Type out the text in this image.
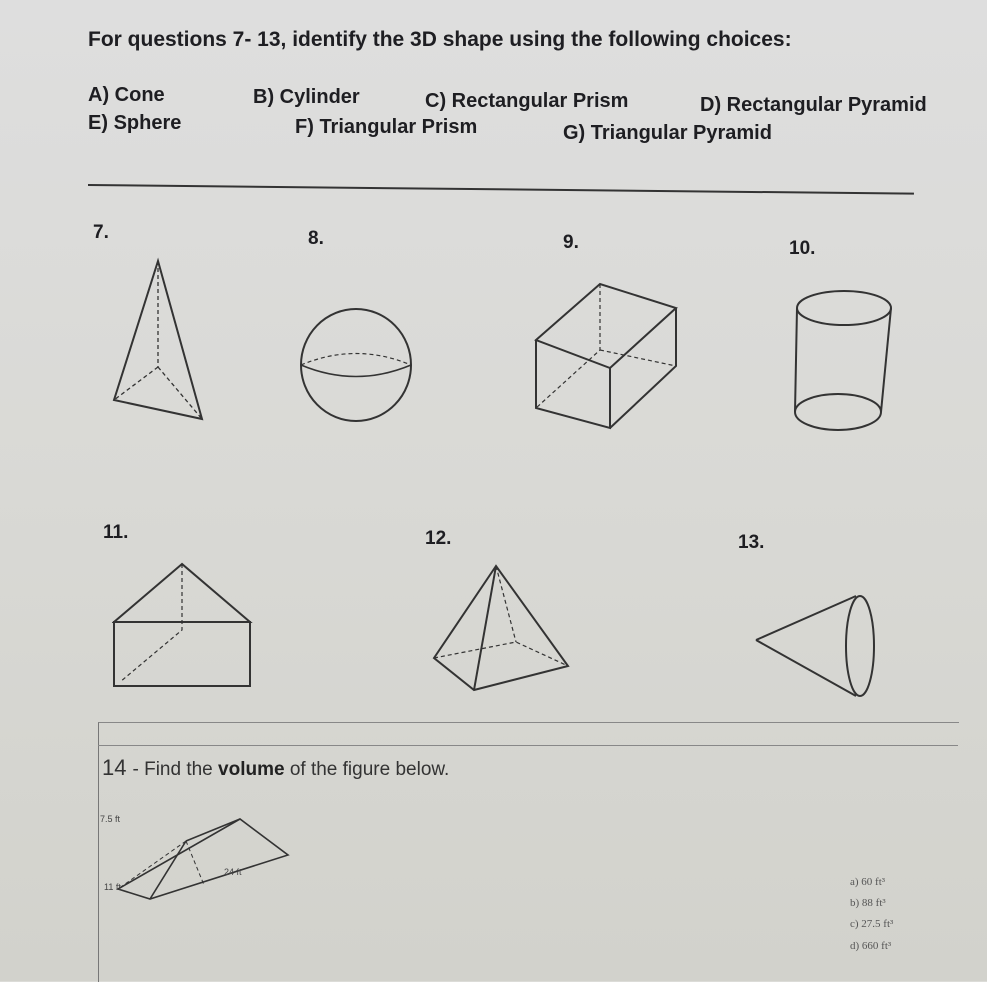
For questions 7- 13, identify the 3D shape using the following choices:
A) Cone	B) Cylinder	C) Rectangular Prism	D) Rectangular Pyramid
E) Sphere	F) Triangular Prism	G) Triangular Pyramid
7.	8.	9.	10.
11.	12.	13.
14 - Find the volume of the figure below.
7.5 ft
24 ft
11 ft	a) 60 ft³
b) 88 ft³
c) 27.5 ft³
d) 660 ft³
